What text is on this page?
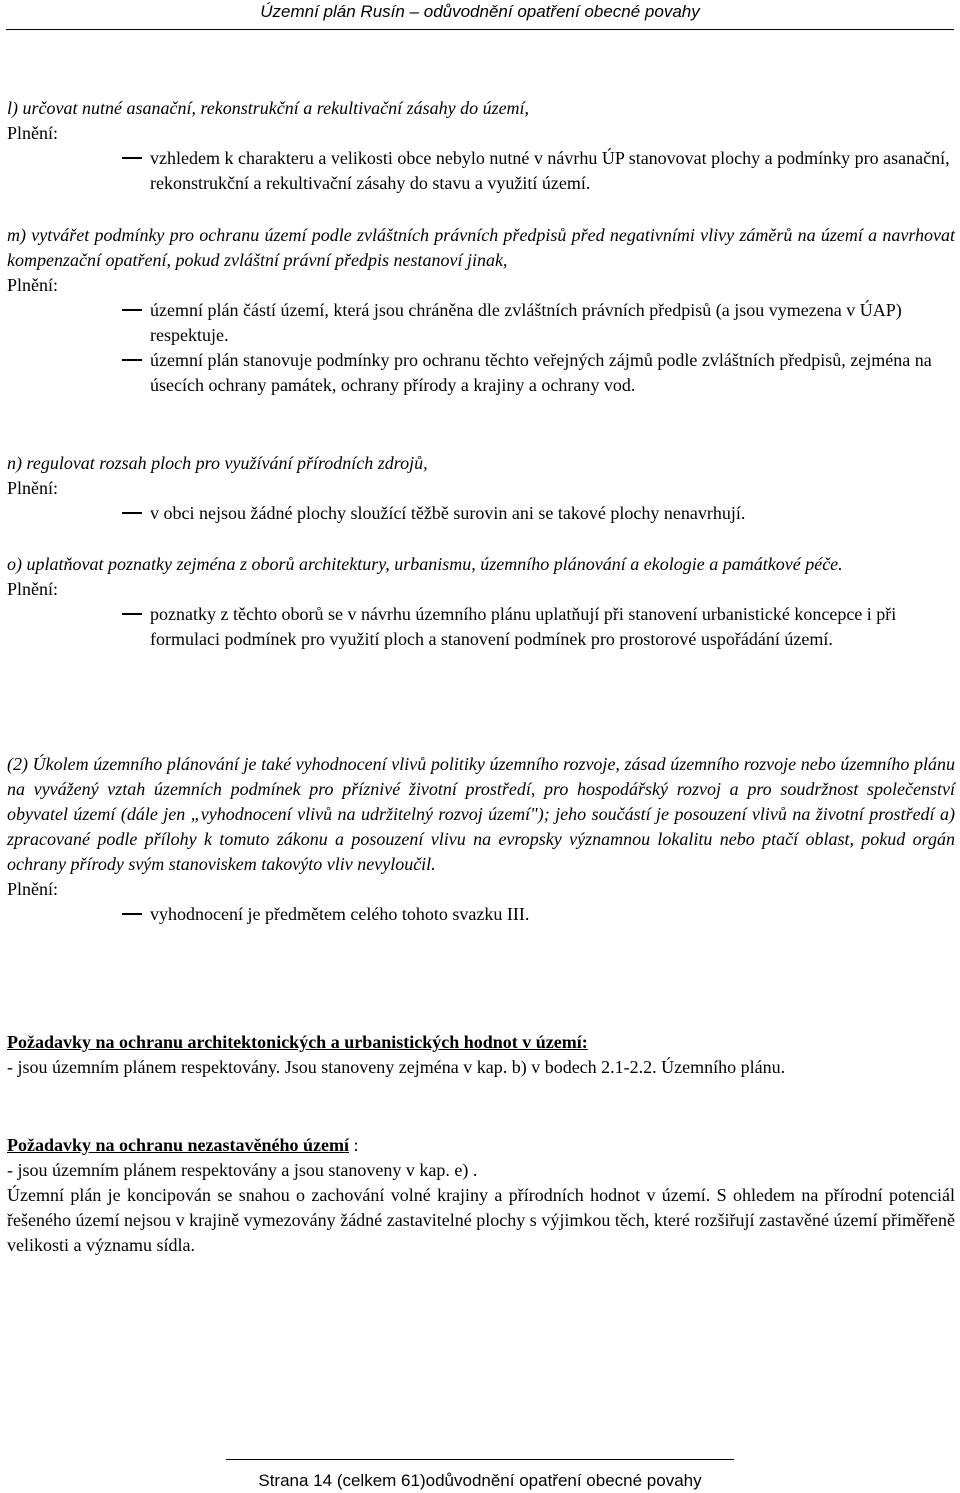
Územní plán Rusín – odůvodnění opatření obecné povahy

l) určovat nutné asanační, rekonstrukční a rekultivační zásahy do území,

Plnění:

vzhledem k charakteru a velikosti obce nebylo nutné v návrhu ÚP stanovovat plochy a podmínky pro asanační, rekonstrukční a rekultivační zásahy do stavu a využití území.

m) vytvářet podmínky pro ochranu území podle zvláštních právních předpisů před negativními vlivy záměrů na území a navrhovat kompenzační opatření, pokud zvláštní právní předpis nestanoví jinak,

Plnění:

územní plán částí území, která jsou chráněna dle zvláštních právních předpisů (a jsou vymezena v ÚAP) respektuje.
územní plán stanovuje podmínky pro ochranu těchto veřejných zájmů podle zvláštních předpisů, zejména na úsecích ochrany památek, ochrany přírody a krajiny a ochrany vod.

n) regulovat rozsah ploch pro využívání přírodních zdrojů,

Plnění:

v obci nejsou žádné plochy sloužící těžbě surovin ani se takové plochy nenavrhují.

o) uplatňovat poznatky zejména z oborů architektury, urbanismu, územního plánování a ekologie a památkové péče.

Plnění:

poznatky z těchto oborů se v návrhu územního plánu uplatňují při stanovení urbanistické koncepce i při formulaci podmínek pro využití ploch a stanovení podmínek pro prostorové uspořádání území.

(2) Úkolem územního plánování je také vyhodnocení vlivů politiky územního rozvoje, zásad územního rozvoje nebo územního plánu na vyvážený vztah územních podmínek pro příznivé životní prostředí, pro hospodářský rozvoj a pro soudržnost společenství obyvatel území (dále jen „vyhodnocení vlivů na udržitelný rozvoj území"); jeho součástí je posouzení vlivů na životní prostředí a) zpracované podle přílohy k tomuto zákonu a posouzení vlivu na evropsky významnou lokalitu nebo ptačí oblast, pokud orgán ochrany přírody svým stanoviskem takovýto vliv nevyloučil.

Plnění:

vyhodnocení je předmětem celého tohoto svazku III.

Požadavky na ochranu architektonických a urbanistických hodnot v území:

- jsou územním plánem respektovány. Jsou stanoveny zejména v kap. b) v bodech 2.1-2.2. Územního plánu.

Požadavky na ochranu nezastavěného území :

- jsou územním plánem respektovány a jsou stanoveny v kap. e) .

Územní plán je koncipován se snahou o zachování volné krajiny a přírodních hodnot v území. S ohledem na přírodní potenciál řešeného území nejsou v krajině vymezovány žádné zastavitelné plochy s výjimkou těch, které rozšiřují zastavěné území přiměřeně velikosti a významu sídla.

Strana 14 (celkem 61)odůvodnění opatření obecné povahy
